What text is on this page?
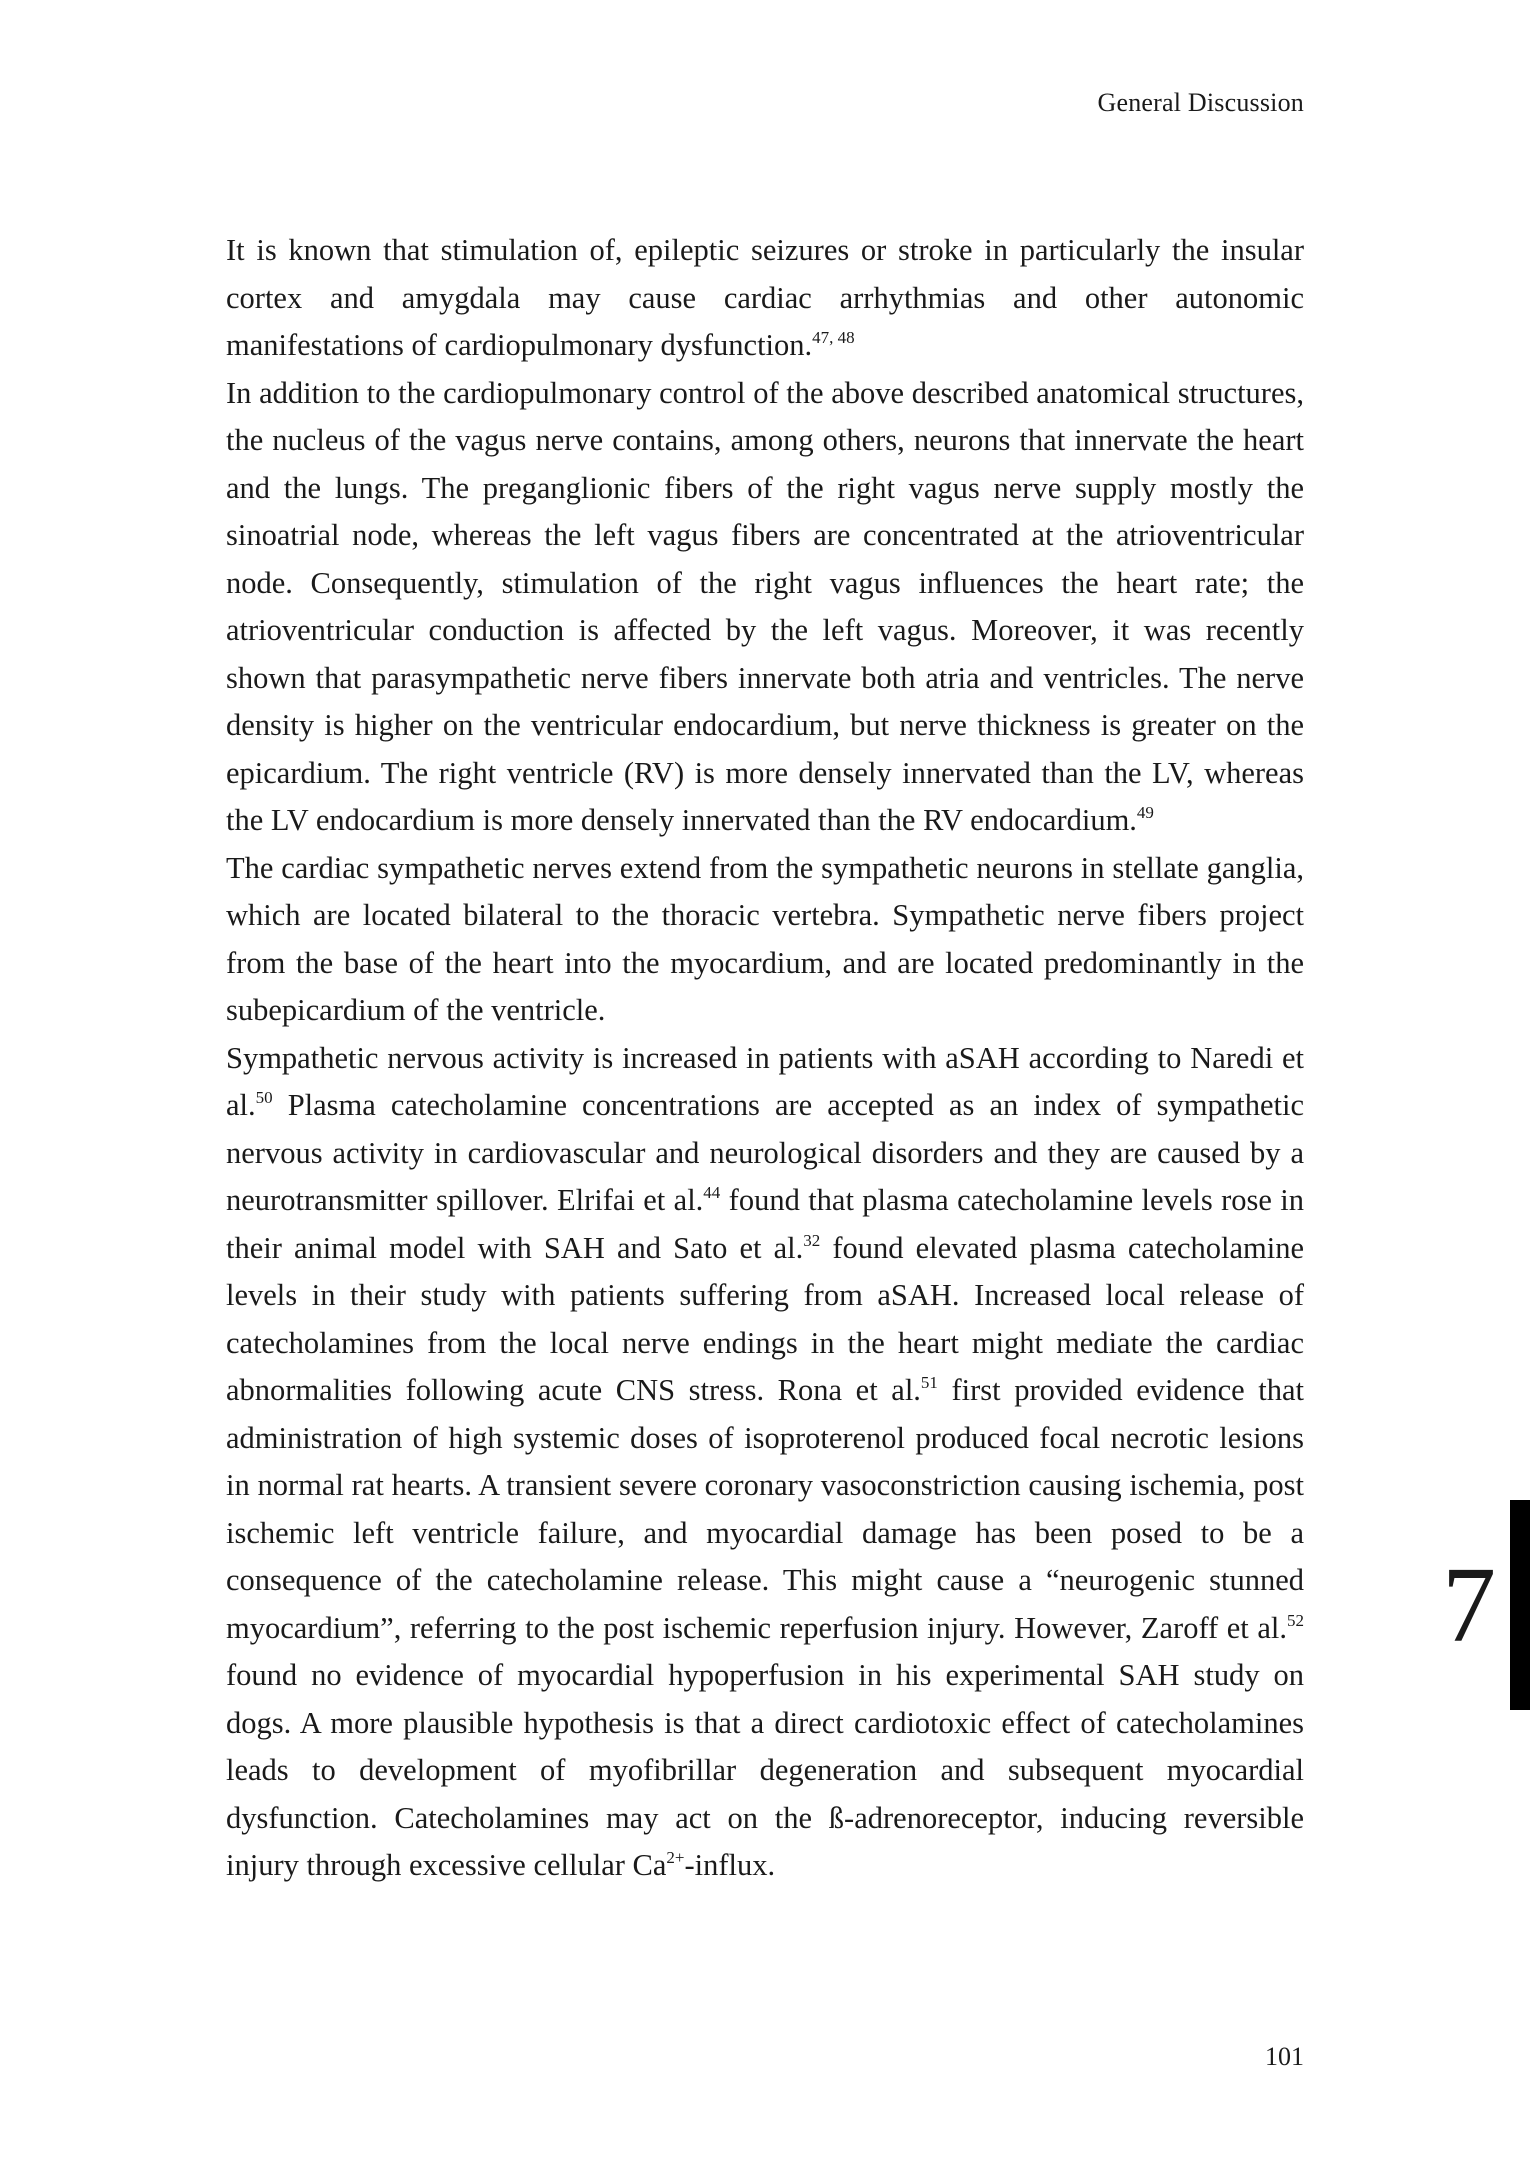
General Discussion

It is known that stimulation of, epileptic seizures or stroke in particularly the insular cortex and amygdala may cause cardiac arrhythmias and other autonomic manifestations of cardiopulmonary dysfunction.$^{47, 48}$

In addition to the cardiopulmonary control of the above described anatomical structures, the nucleus of the vagus nerve contains, among others, neurons that innervate the heart and the lungs. The preganglionic fibers of the right vagus nerve supply mostly the sinoatrial node, whereas the left vagus fibers are concentrated at the atrioventricular node. Consequently, stimulation of the right vagus influences the heart rate; the atrioventricular conduction is affected by the left vagus. Moreover, it was recently shown that parasympathetic nerve fibers innervate both atria and ventricles. The nerve density is higher on the ventricular endocardium, but nerve thickness is greater on the epicardium. The right ventricle (RV) is more densely innervated than the LV, whereas the LV endocardium is more densely innervated than the RV endocardium.$^{49}$

The cardiac sympathetic nerves extend from the sympathetic neurons in stellate ganglia, which are located bilateral to the thoracic vertebra. Sympathetic nerve fibers project from the base of the heart into the myocardium, and are located predominantly in the subepicardium of the ventricle.

Sympathetic nervous activity is increased in patients with aSAH according to Naredi et al.$^{50}$ Plasma catecholamine concentrations are accepted as an index of sympathetic nervous activity in cardiovascular and neurological disorders and they are caused by a neurotransmitter spillover. Elrifai et al.$^{44}$ found that plasma catecholamine levels rose in their animal model with SAH and Sato et al.$^{32}$ found elevated plasma catecholamine levels in their study with patients suffering from aSAH. Increased local release of catecholamines from the local nerve endings in the heart might mediate the cardiac abnormalities following acute CNS stress. Rona et al.$^{51}$ first provided evidence that administration of high systemic doses of isoproterenol produced focal necrotic lesions in normal rat hearts. A transient severe coronary vasoconstriction causing ischemia, post ischemic left ventricle failure, and myocardial damage has been posed to be a consequence of the catecholamine release. This might cause a “neurogenic stunned myocardium”, referring to the post ischemic reperfusion injury. However, Zaroff et al.$^{52}$ found no evidence of myocardial hypoperfusion in his experimental SAH study on dogs. A more plausible hypothesis is that a direct cardiotoxic effect of catecholamines leads to development of myofibrillar degeneration and subsequent myocardial dysfunction. Catecholamines may act on the ß-adrenoreceptor, inducing reversible injury through excessive cellular $Ca^{2+}$-influx.

7
101
